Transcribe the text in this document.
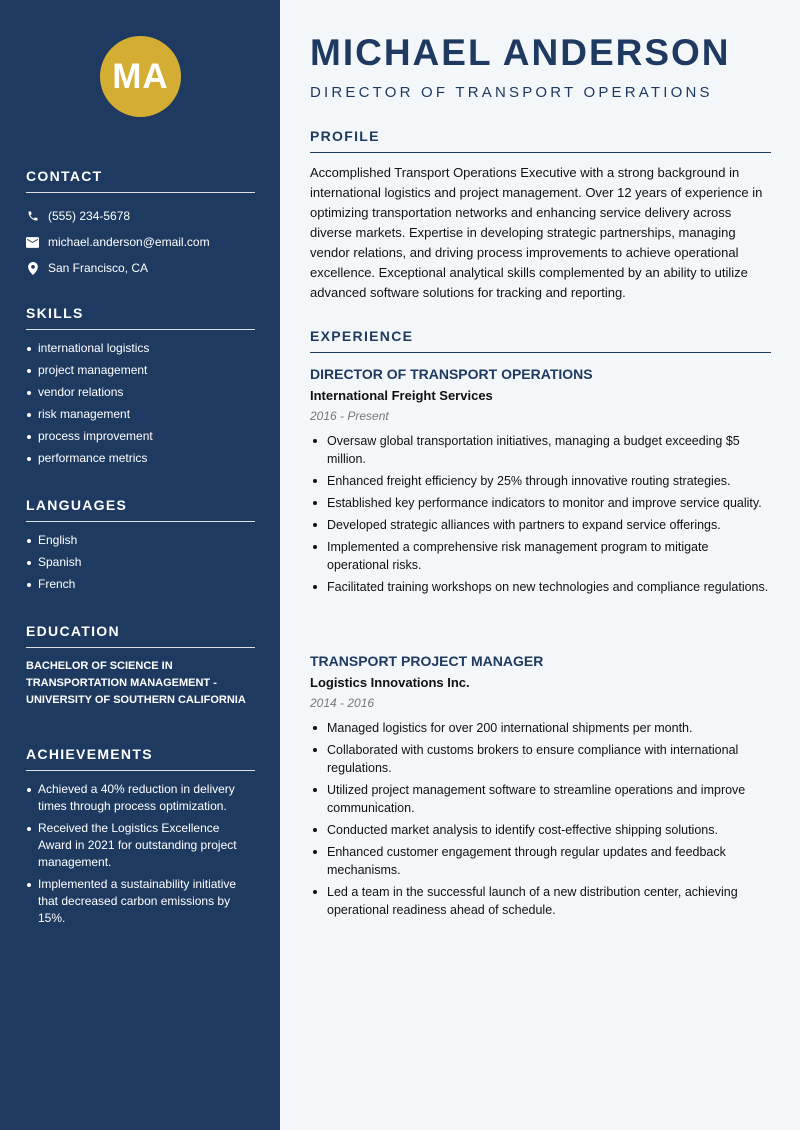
MA
CONTACT
(555) 234-5678
michael.anderson@email.com
San Francisco, CA
SKILLS
international logistics
project management
vendor relations
risk management
process improvement
performance metrics
LANGUAGES
English
Spanish
French
EDUCATION

BACHELOR OF SCIENCE IN TRANSPORTATION MANAGEMENT - UNIVERSITY OF SOUTHERN CALIFORNIA

ACHIEVEMENTS
Achieved a 40% reduction in delivery times through process optimization.
Received the Logistics Excellence Award in 2021 for outstanding project management.
Implemented a sustainability initiative that decreased carbon emissions by 15%.
MICHAEL ANDERSON
DIRECTOR OF TRANSPORT OPERATIONS
PROFILE

Accomplished Transport Operations Executive with a strong background in international logistics and project management. Over 12 years of experience in optimizing transportation networks and enhancing service delivery across diverse markets. Expertise in developing strategic partnerships, managing vendor relations, and driving process improvements to achieve operational excellence. Exceptional analytical skills complemented by an ability to utilize advanced software solutions for tracking and reporting.

EXPERIENCE
DIRECTOR OF TRANSPORT OPERATIONS
International Freight Services
2016 - Present
Oversaw global transportation initiatives, managing a budget exceeding $5 million.
Enhanced freight efficiency by 25% through innovative routing strategies.
Established key performance indicators to monitor and improve service quality.
Developed strategic alliances with partners to expand service offerings.
Implemented a comprehensive risk management program to mitigate operational risks.
Facilitated training workshops on new technologies and compliance regulations.
TRANSPORT PROJECT MANAGER
Logistics Innovations Inc.
2014 - 2016
Managed logistics for over 200 international shipments per month.
Collaborated with customs brokers to ensure compliance with international regulations.
Utilized project management software to streamline operations and improve communication.
Conducted market analysis to identify cost-effective shipping solutions.
Enhanced customer engagement through regular updates and feedback mechanisms.
Led a team in the successful launch of a new distribution center, achieving operational readiness ahead of schedule.
